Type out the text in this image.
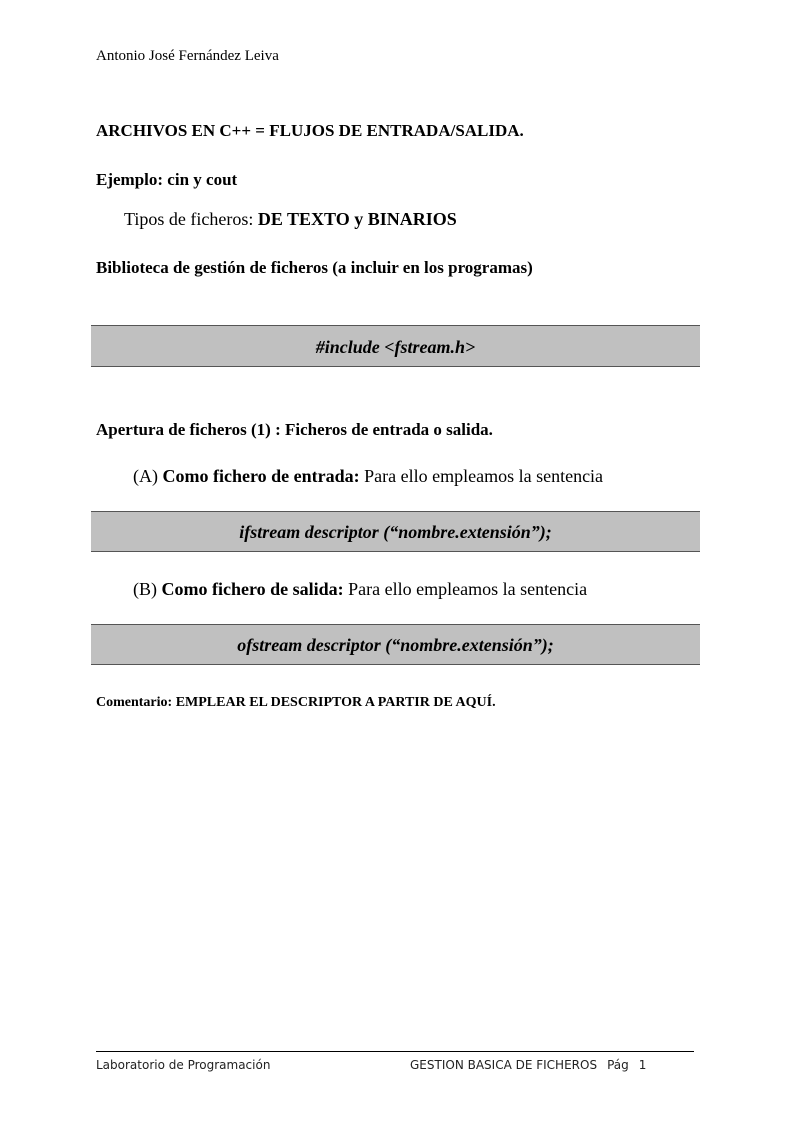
Antonio José Fernández Leiva
ARCHIVOS EN C++ = FLUJOS DE ENTRADA/SALIDA.
Ejemplo: cin y cout
Tipos de ficheros: DE TEXTO y BINARIOS
Biblioteca de gestión de ficheros (a incluir en los programas)
#include <fstream.h>
Apertura de ficheros (1) : Ficheros de entrada o salida.
(A) Como fichero de entrada: Para ello empleamos la sentencia
ifstream descriptor (“nombre.extensión”);
(B) Como fichero de salida: Para ello empleamos la sentencia
ofstream descriptor (“nombre.extensión”);
Comentario: EMPLEAR EL DESCRIPTOR A PARTIR DE AQUÍ.
Laboratorio de Programación	GESTION BASICA DE FICHEROS Pág 1
